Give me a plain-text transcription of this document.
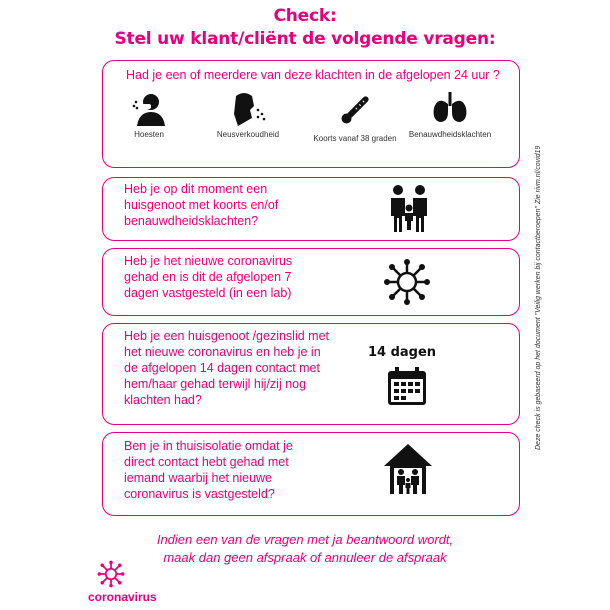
Check:
Stel uw klant/cliënt de volgende vragen:
Had je een of meerdere van deze klachten in de afgelopen 24 uur ?
Hoesten	Neusverkoudheid	Koorts vanaf 38 graden	Benauwdheidsklachten
Heb je op dit moment een huisgenoot met koorts en/of benauwdheidsklachten?
Heb je het nieuwe coronavirus gehad en is dit de afgelopen 7 dagen vastgesteld (in een lab)
Heb je een huisgenoot /gezinslid met het nieuwe coronavirus en heb je in de afgelopen 14 dagen contact met hem/haar gehad terwijl hij/zij nog klachten had?
14 dagen
Ben je in thuisisolatie omdat je direct contact hebt gehad met iemand waarbij het nieuwe coronavirus is vastgesteld?
Deze check is gebaseerd op het document "Veilig werken bij contactberoepen" Zie rivm.nl/covid19
Indien een van de vragen met ja beantwoord wordt,
maak dan geen afspraak of annuleer de afspraak
coronavirus
